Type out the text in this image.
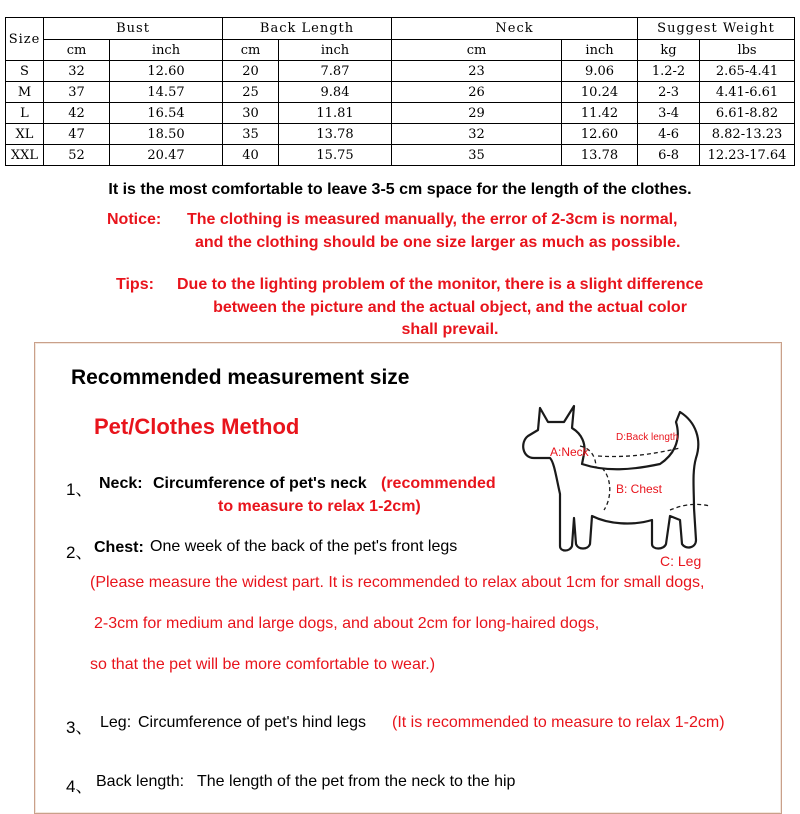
Size	Bust		Back Length		Neck		Suggest Weight	
	cm	inch	cm	inch	cm	inch	kg	lbs
S	32	12.60	20	7.87	23	9.06	1.2-2	2.65-4.41
M	37	14.57	25	9.84	26	10.24	2-3	4.41-6.61
L	42	16.54	30	11.81	29	11.42	3-4	6.61-8.82
XL	47	18.50	35	13.78	32	12.60	4-6	8.82-13.23
XXL	52	20.47	40	15.75	35	13.78	6-8	12.23-17.64
It is the most comfortable to leave 3-5 cm space for the length of the clothes.
Notice: The clothing is measured manually, the error of 2-3cm is normal,
and the clothing should be one size larger as much as possible.
Tips: Due to the lighting problem of the monitor, there is a slight difference
between the picture and the actual object, and the actual color
shall prevail.
Recommended measurement size
Pet/Clothes Method
A:Neck
D:Back length
B: Chest
C: Leg
1、 Neck: Circumference of pet's neck (recommended
to measure to relax 1-2cm)
2、 Chest: One week of the back of the pet's front legs
(Please measure the widest part. It is recommended to relax about 1cm for small dogs,
2-3cm for medium and large dogs, and about 2cm for long-haired dogs,
so that the pet will be more comfortable to wear.)
3、 Leg: Circumference of pet's hind legs (It is recommended to measure to relax 1-2cm)
4、 Back length: The length of the pet from the neck to the hip
